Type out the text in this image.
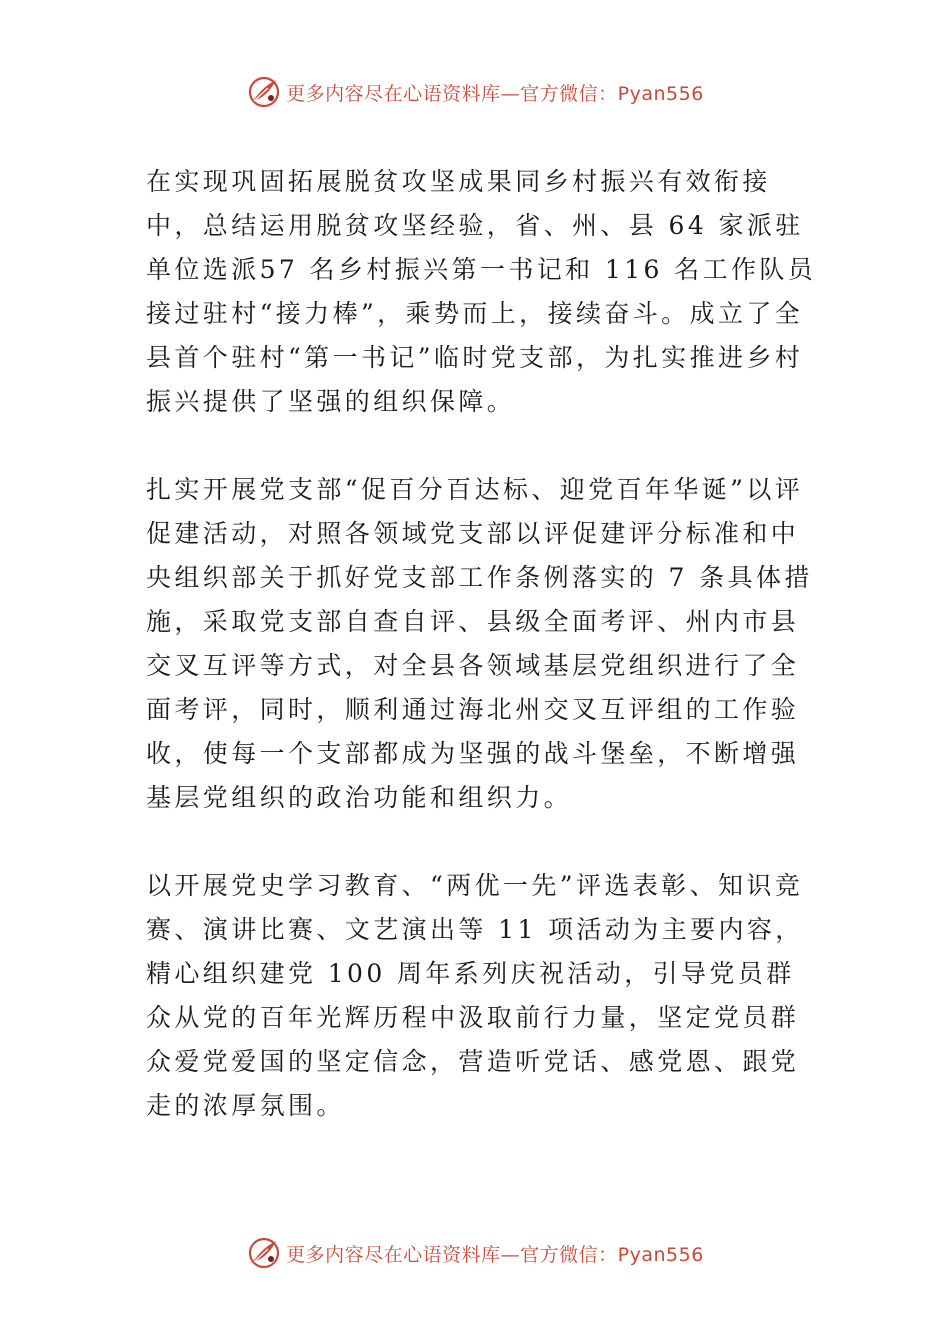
更多内容尽在心语资料库—官方微信：Pyan556

在实现巩固拓展脱贫攻坚成果同乡村振兴有效衔接中，总结运用脱贫攻坚经验，省、州、县 64 家派驻单位选派57 名乡村振兴第一书记和 116 名工作队员接过驻村“接力棒”，乘势而上，接续奋斗。成立了全县首个驻村“第一书记”临时党支部，为扎实推进乡村振兴提供了坚强的组织保障。

扎实开展党支部“促百分百达标、迎党百年华诞”以评促建活动，对照各领域党支部以评促建评分标准和中央组织部关于抓好党支部工作条例落实的 7 条具体措施，采取党支部自查自评、县级全面考评、州内市县交叉互评等方式，对全县各领域基层党组织进行了全面考评，同时，顺利通过海北州交叉互评组的工作验收，使每一个支部都成为坚强的战斗堡垒，不断增强基层党组织的政治功能和组织力。

以开展党史学习教育、“两优一先”评选表彰、知识竞赛、演讲比赛、文艺演出等 11 项活动为主要内容，精心组织建党 100 周年系列庆祝活动，引导党员群众从党的百年光辉历程中汲取前行力量，坚定党员群众爱党爱国的坚定信念，营造听党话、感党恩、跟党走的浓厚氛围。

更多内容尽在心语资料库—官方微信：Pyan556
